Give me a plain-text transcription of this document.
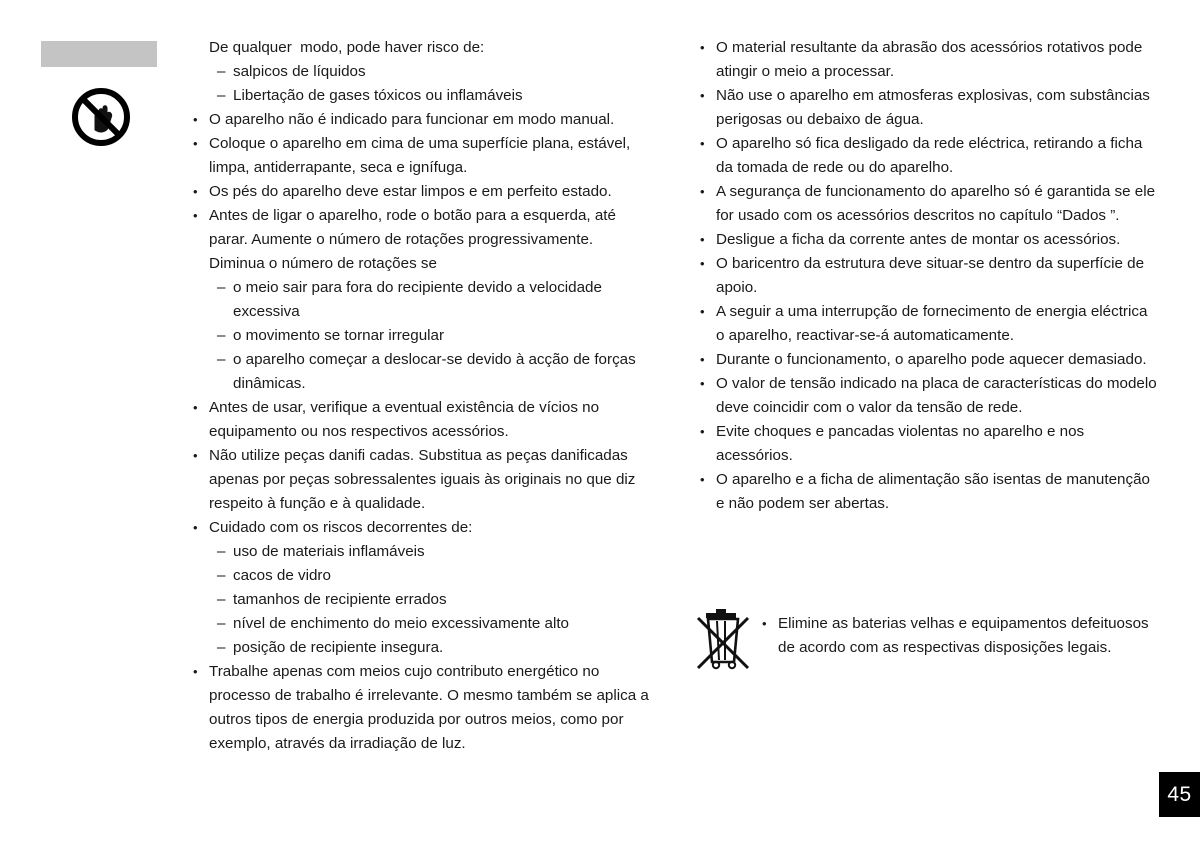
De qualquer  modo, pode haver risco de:
– salpicos de líquidos
– Libertação de gases tóxicos ou inflamáveis
• O aparelho não é indicado para funcionar em modo manual.
• Coloque o aparelho em cima de uma superfície plana, estável, limpa, antiderrapante, seca e ignífuga.
• Os pés do aparelho deve estar limpos e em perfeito estado.
• Antes de ligar o aparelho, rode o botão para a esquerda, até parar. Aumente o número de rotações progressivamente. Diminua o número de rotações se
– o meio sair para fora do recipiente devido a velocidade excessiva
– o movimento se tornar irregular
– o aparelho começar a deslocar-se devido à acção de forças dinâmicas.
• Antes de usar, verifique a eventual existência de vícios no equipamento ou nos respectivos acessórios.
• Não utilize peças danifi cadas. Substitua as peças danificadas apenas por peças sobressalentes iguais às originais no que diz respeito à função e à qualidade.
• Cuidado com os riscos decorrentes de:
– uso de materiais inflamáveis
– cacos de vidro
– tamanhos de recipiente errados
– nível de enchimento do meio excessivamente alto
– posição de recipiente insegura.
• Trabalhe apenas com meios cujo contributo energético no processo de trabalho é irrelevante. O mesmo também se aplica a outros tipos de energia produzida por outros meios, como por exemplo, através da irradiação de luz.
• O material resultante da abrasão dos acessórios rotativos pode atingir o meio a processar.
• Não use o aparelho em atmosferas explosivas, com substâncias perigosas ou debaixo de água.
• O aparelho só fica desligado da rede eléctrica, retirando a ficha da tomada de rede ou do aparelho.
• A segurança de funcionamento do aparelho só é garantida se ele for usado com os acessórios descritos no capítulo “Dados ”.
• Desligue a ficha da corrente antes de montar os acessórios.
• O baricentro da estrutura deve situar-se dentro da superfície de apoio.
• A seguir a uma interrupção de fornecimento de energia eléctrica o aparelho, reactivar-se-á automaticamente.
• Durante o funcionamento, o aparelho pode aquecer demasiado.
• O valor de tensão indicado na placa de características do modelo deve coincidir com o valor da tensão de rede.
• Evite choques e pancadas violentas no aparelho e nos acessórios.
• O aparelho e a ficha de alimentação são isentas de manutenção e não podem ser abertas.
• Elimine as baterias velhas e equipamentos defeituosos de acordo com as respectivas disposições legais.
45
